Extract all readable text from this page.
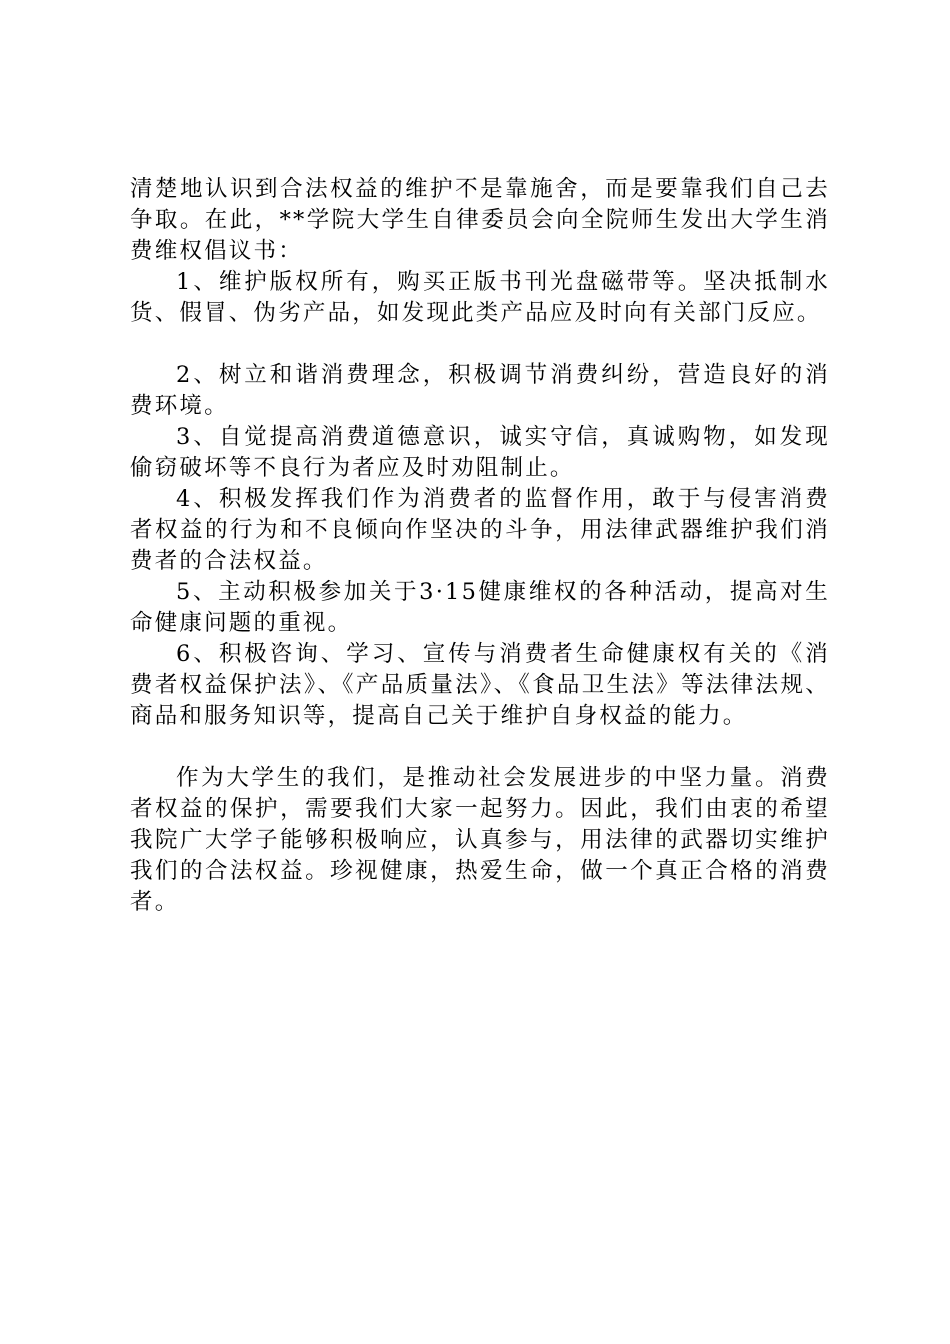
清楚地认识到合法权益的维护不是靠施舍，而是要靠我们自己去争取。在此，**学院大学生自律委员会向全院师生发出大学生消费维权倡议书：

1、维护版权所有，购买正版书刊光盘磁带等。坚决抵制水货、假冒、伪劣产品，如发现此类产品应及时向有关部门反应。

2、树立和谐消费理念，积极调节消费纠纷，营造良好的消费环境。

3、自觉提高消费道德意识，诚实守信，真诚购物，如发现偷窃破坏等不良行为者应及时劝阻制止。

4、积极发挥我们作为消费者的监督作用，敢于与侵害消费者权益的行为和不良倾向作坚决的斗争，用法律武器维护我们消费者的合法权益。

5、主动积极参加关于3·15健康维权的各种活动，提高对生命健康问题的重视。

6、积极咨询、学习、宣传与消费者生命健康权有关的《消费者权益保护法》、《产品质量法》、《食品卫生法》等法律法规、商品和服务知识等，提高自己关于维护自身权益的能力。

作为大学生的我们，是推动社会发展进步的中坚力量。消费者权益的保护，需要我们大家一起努力。因此，我们由衷的希望我院广大学子能够积极响应，认真参与，用法律的武器切实维护我们的合法权益。珍视健康，热爱生命，做一个真正合格的消费者。
